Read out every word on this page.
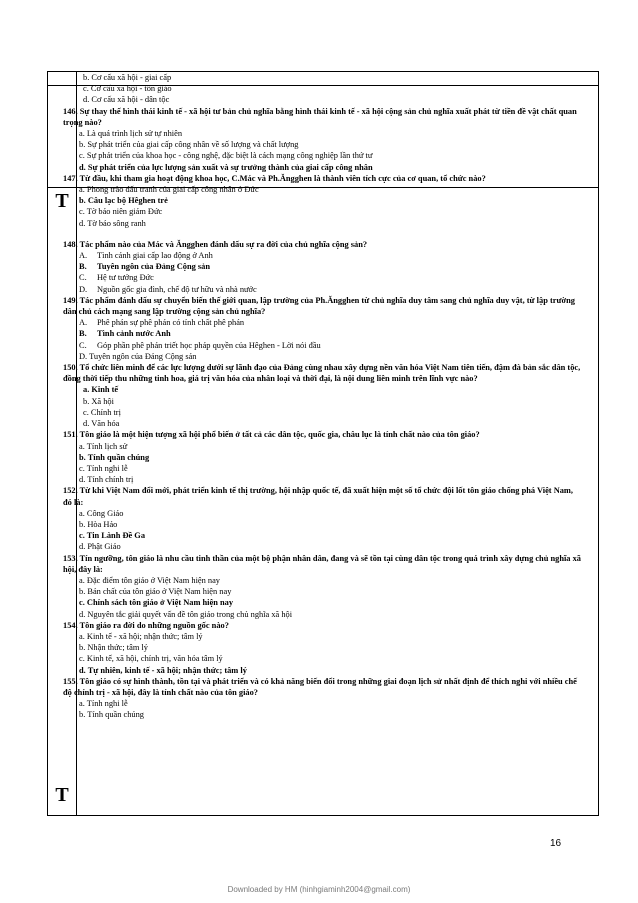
T
T
b. Cơ cấu xã hội - giai cấp
c. Cơ cấu xã hội - tôn giáo
d. Cơ cấu xã hội - dân tộc
146. Sự thay thế hình thái kinh tế - xã hội tư bản chủ nghĩa bằng hình thái kinh tế - xã hội cộng sản chủ nghĩa xuất phát từ tiền đề vật chất quan trọng nào?
a. Là quá trình lịch sử tự nhiên
b. Sự phát triển của giai cấp công nhân về số lượng và chất lượng
c. Sự phát triển của khoa học - công nghệ, đặc biệt là cách mạng công nghiệp lần thứ tư
d. Sự phát triển của lực lượng sản xuất và sự trưởng thành của giai cấp công nhân
147. Từ đầu, khi tham gia hoạt động khoa học, C.Mác và Ph.Ăngghen là thành viên tích cực của cơ quan, tổ chức nào?
a. Phong trào đấu tranh của giai cấp công nhân ở Đức
b. Câu lạc bộ Hêghen trẻ
c. Tờ báo niên giám Đức
d. Tờ báo sông ranh
148. Tác phẩm nào của Mác và Ăngghen đánh dấu sự ra đời của chủ nghĩa cộng sản?
A. Tình cảnh giai cấp lao động ở Anh
B. Tuyên ngôn của Đảng Cộng sản
C. Hệ tư tưởng Đức
D. Nguồn gốc gia đình, chế độ tư hữu và nhà nước
149. Tác phẩm đánh dấu sự chuyển biến thế giới quan, lập trường của Ph.Ăngghen từ chủ nghĩa duy tâm sang chủ nghĩa duy vật, từ lập trường dân chủ cách mạng sang lập trường cộng sản chủ nghĩa?
A. Phê phán sự phê phán có tính chất phê phán
B. Tình cảnh nước Anh
C. Góp phần phê phán triết học pháp quyền của Hêghen - Lời nói đầu
D. Tuyên ngôn của Đảng Cộng sản
150. Tổ chức liên minh để các lực lượng dưới sự lãnh đạo của Đảng cùng nhau xây dựng nền văn hóa Việt Nam tiên tiến, đậm đà bản sắc dân tộc, đồng thời tiếp thu những tinh hoa, giá trị văn hóa của nhân loại và thời đại, là nội dung liên minh trên lĩnh vực nào?
a. Kinh tế
b. Xã hội
c. Chính trị
d. Văn hóa
151. Tôn giáo là một hiện tượng xã hội phổ biến ở tất cả các dân tộc, quốc gia, châu lục là tính chất nào của tôn giáo?
a. Tính lịch sử
b. Tính quần chúng
c. Tính nghi lễ
d. Tính chính trị
152. Từ khi Việt Nam đổi mới, phát triển kinh tế thị trường, hội nhập quốc tế, đã xuất hiện một số tổ chức đội lốt tôn giáo chống phá Việt Nam, đó là:
a. Công Giáo
b. Hòa Hảo
c. Tin Lành Đề Ga
d. Phật Giáo
153. Tín ngưỡng, tôn giáo là nhu cầu tinh thần của một bộ phận nhân dân, đang và sẽ tồn tại cùng dân tộc trong quá trình xây dựng chủ nghĩa xã hội, đây là:
a. Đặc điểm tôn giáo ở Việt Nam hiện nay
b. Bản chất của tôn giáo ở Việt Nam hiện nay
c. Chính sách tôn giáo ở Việt Nam hiện nay
d. Nguyên tắc giải quyết vấn đề tôn giáo trong chủ nghĩa xã hội
154. Tôn giáo ra đời do những nguồn gốc nào?
a. Kinh tế - xã hội; nhận thức; tâm lý
b. Nhận thức; tâm lý
c. Kinh tế, xã hội, chính trị, văn hóa tâm lý
d. Tự nhiên, kinh tế - xã hội; nhận thức; tâm lý
155. Tôn giáo có sự hình thành, tồn tại và phát triển và có khả năng biến đổi trong những giai đoạn lịch sử nhất định để thích nghi với nhiều chế độ chính trị - xã hội, đây là tính chất nào của tôn giáo?
a. Tính nghi lễ
b. Tính quần chúng
16
Downloaded by HM (hinhgiaminh2004@gmail.com)
